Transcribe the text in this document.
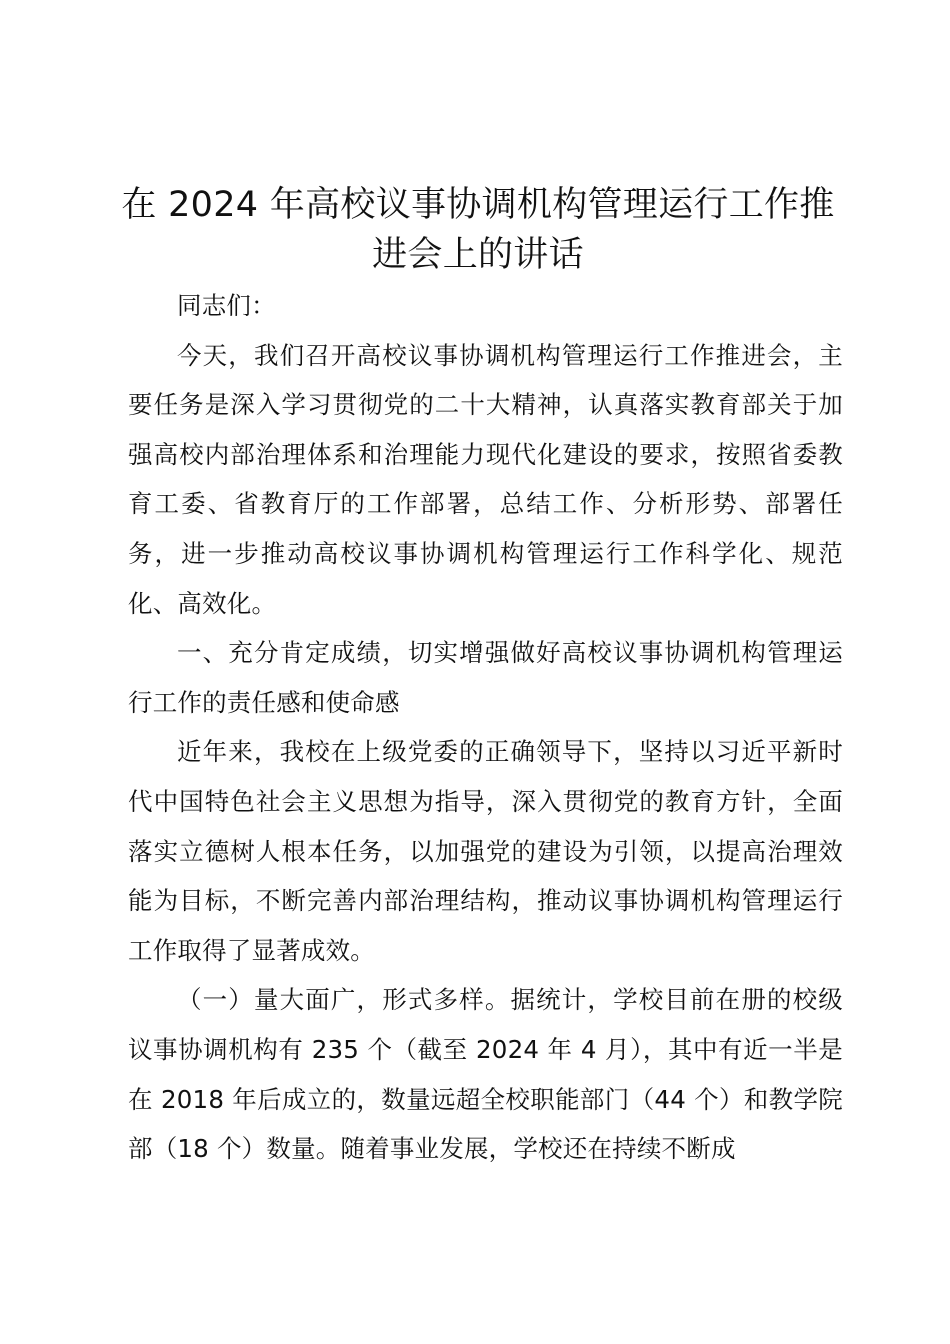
在 2024 年高校议事协调机构管理运行工作推进会上的讲话

同志们：

今天，我们召开高校议事协调机构管理运行工作推进会，主要任务是深入学习贯彻党的二十大精神，认真落实教育部关于加强高校内部治理体系和治理能力现代化建设的要求，按照省委教育工委、省教育厅的工作部署，总结工作、分析形势、部署任务，进一步推动高校议事协调机构管理运行工作科学化、规范化、高效化。

一、充分肯定成绩，切实增强做好高校议事协调机构管理运行工作的责任感和使命感

近年来，我校在上级党委的正确领导下，坚持以习近平新时代中国特色社会主义思想为指导，深入贯彻党的教育方针，全面落实立德树人根本任务，以加强党的建设为引领，以提高治理效能为目标，不断完善内部治理结构，推动议事协调机构管理运行工作取得了显著成效。

（一）量大面广，形式多样。据统计，学校目前在册的校级议事协调机构有 235 个（截至 2024 年 4 月），其中有近一半是在 2018 年后成立的，数量远超全校职能部门（44 个）和教学院部（18 个）数量。随着事业发展，学校还在持续不断成
